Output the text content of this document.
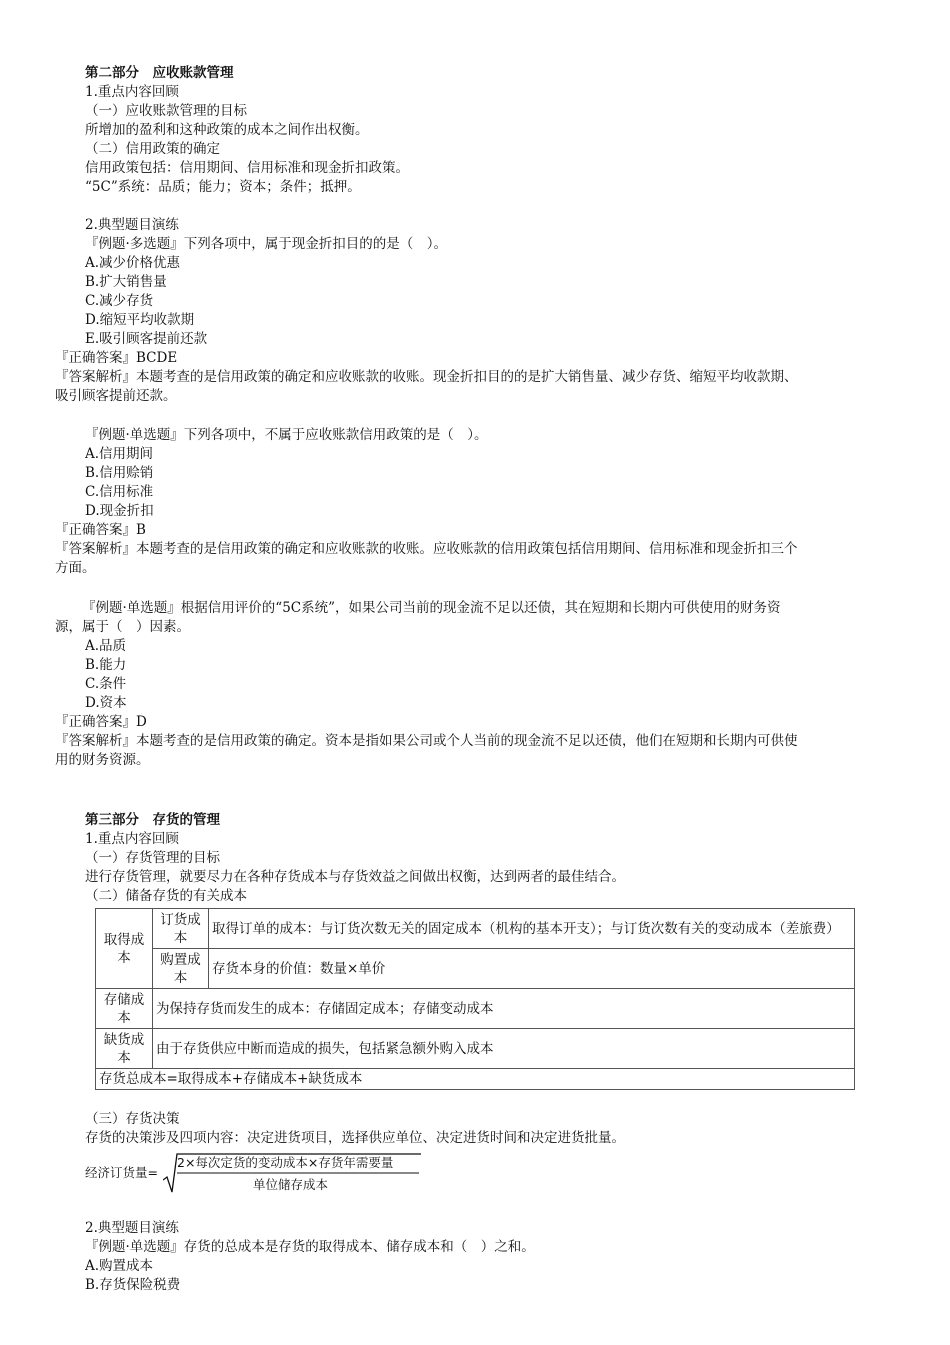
第二部分　应收账款管理
1.重点内容回顾
（一）应收账款管理的目标
所增加的盈利和这种政策的成本之间作出权衡。
（二）信用政策的确定
信用政策包括：信用期间、信用标准和现金折扣政策。
“5C”系统：品质；能力；资本；条件；抵押。
2.典型题目演练
『例题·多选题』下列各项中，属于现金折扣目的的是（　）。
A.减少价格优惠
B.扩大销售量
C.减少存货
D.缩短平均收款期
E.吸引顾客提前还款
『正确答案』BCDE
『答案解析』本题考查的是信用政策的确定和应收账款的收账。现金折扣目的的是扩大销售量、减少存货、缩短平均收款期、
吸引顾客提前还款。
『例题·单选题』下列各项中，不属于应收账款信用政策的是（　）。
A.信用期间
B.信用赊销
C.信用标准
D.现金折扣
『正确答案』B
『答案解析』本题考查的是信用政策的确定和应收账款的收账。应收账款的信用政策包括信用期间、信用标准和现金折扣三个
方面。
『例题·单选题』根据信用评价的“5C系统”，如果公司当前的现金流不足以还债，其在短期和长期内可供使用的财务资
源，属于（　）因素。
A.品质
B.能力
C.条件
D.资本
『正确答案』D
『答案解析』本题考查的是信用政策的确定。资本是指如果公司或个人当前的现金流不足以还债，他们在短期和长期内可供使
用的财务资源。
第三部分　存货的管理
1.重点内容回顾
（一）存货管理的目标
进行存货管理，就要尽力在各种存货成本与存货效益之间做出权衡，达到两者的最佳结合。
（二）储备存货的有关成本
取得成本	订货成本	取得订单的成本：与订货次数无关的固定成本（机构的基本开支）；与订货次数有关的变动成本（差旅费）
	购置成本	存货本身的价值：数量×单价
存储成本	为保持存货而发生的成本：存储固定成本；存储变动成本	
缺货成本	由于存货供应中断而造成的损失，包括紧急额外购入成本	
存货总成本=取得成本+存储成本+缺货成本		
（三）存货决策
存货的决策涉及四项内容：决定进货项目，选择供应单位、决定进货时间和决定进货批量。
经济订货量=
2×每次定货的变动成本×存货年需要量
单位储存成本
2.典型题目演练
『例题·单选题』存货的总成本是存货的取得成本、储存成本和（　）之和。
A.购置成本
B.存货保险税费
